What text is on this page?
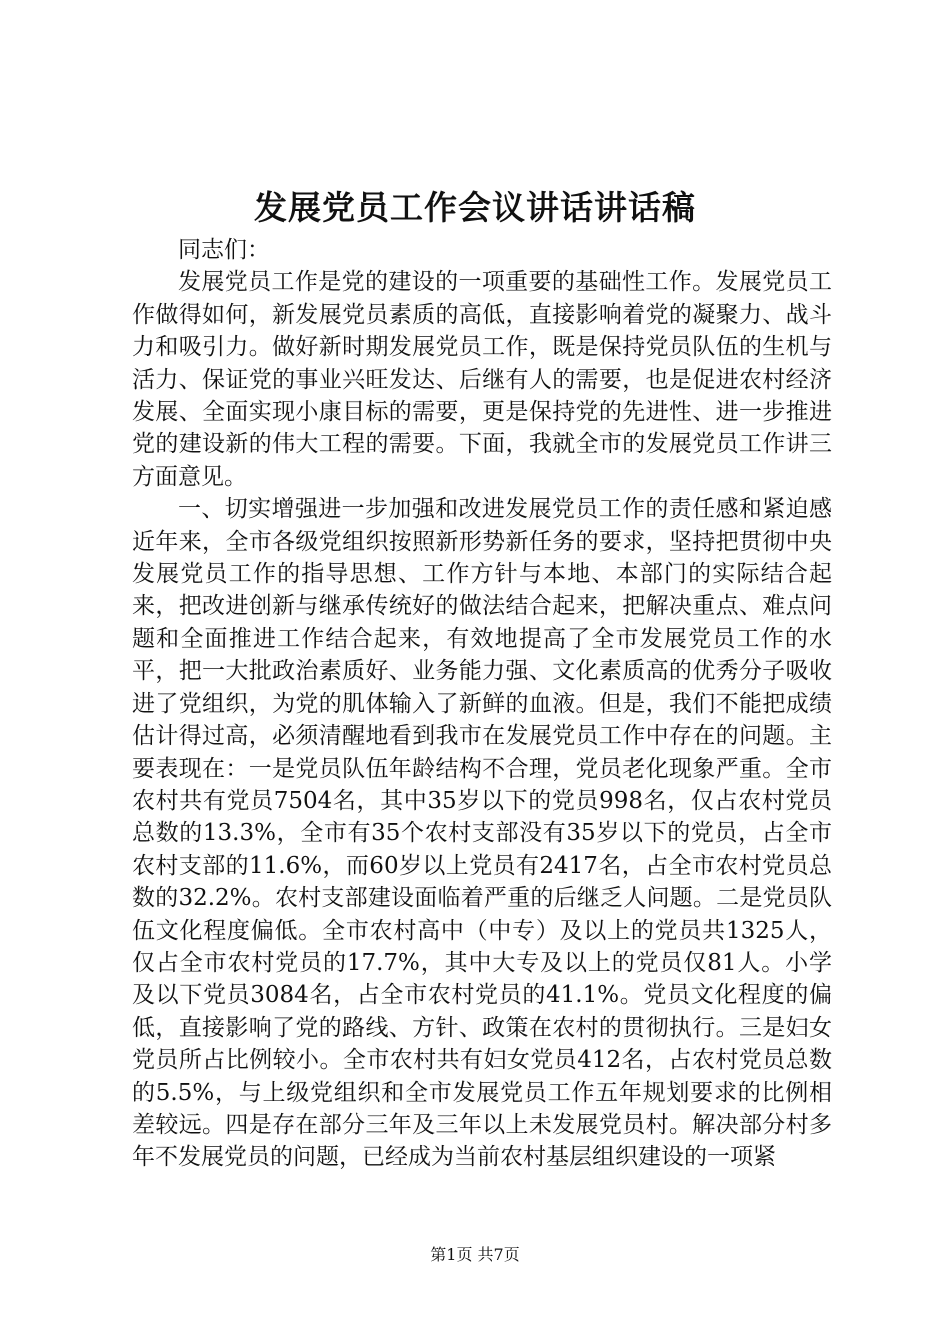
发展党员工作会议讲话讲话稿

同志们：

发展党员工作是党的建设的一项重要的基础性工作。发展党员工作做得如何，新发展党员素质的高低，直接影响着党的凝聚力、战斗力和吸引力。做好新时期发展党员工作，既是保持党员队伍的生机与活力、保证党的事业兴旺发达、后继有人的需要，也是促进农村经济发展、全面实现小康目标的需要，更是保持党的先进性、进一步推进党的建设新的伟大工程的需要。下面，我就全市的发展党员工作讲三方面意见。

一、切实增强进一步加强和改进发展党员工作的责任感和紧迫感近年来，全市各级党组织按照新形势新任务的要求，坚持把贯彻中央发展党员工作的指导思想、工作方针与本地、本部门的实际结合起来，把改进创新与继承传统好的做法结合起来，把解决重点、难点问题和全面推进工作结合起来，有效地提高了全市发展党员工作的水平，把一大批政治素质好、业务能力强、文化素质高的优秀分子吸收进了党组织，为党的肌体输入了新鲜的血液。但是，我们不能把成绩估计得过高，必须清醒地看到我市在发展党员工作中存在的问题。主要表现在：一是党员队伍年龄结构不合理，党员老化现象严重。全市农村共有党员7504名，其中35岁以下的党员998名，仅占农村党员总数的13.3%，全市有35个农村支部没有35岁以下的党员，占全市农村支部的11.6%，而60岁以上党员有2417名，占全市农村党员总数的32.2%。农村支部建设面临着严重的后继乏人问题。二是党员队伍文化程度偏低。全市农村高中（中专）及以上的党员共1325人，仅占全市农村党员的17.7%，其中大专及以上的党员仅81人。小学及以下党员3084名，占全市农村党员的41.1%。党员文化程度的偏低，直接影响了党的路线、方针、政策在农村的贯彻执行。三是妇女党员所占比例较小。全市农村共有妇女党员412名，占农村党员总数的5.5%，与上级党组织和全市发展党员工作五年规划要求的比例相差较远。四是存在部分三年及三年以上未发展党员村。解决部分村多年不发展党员的问题，已经成为当前农村基层组织建设的一项紧

第1页 共7页
